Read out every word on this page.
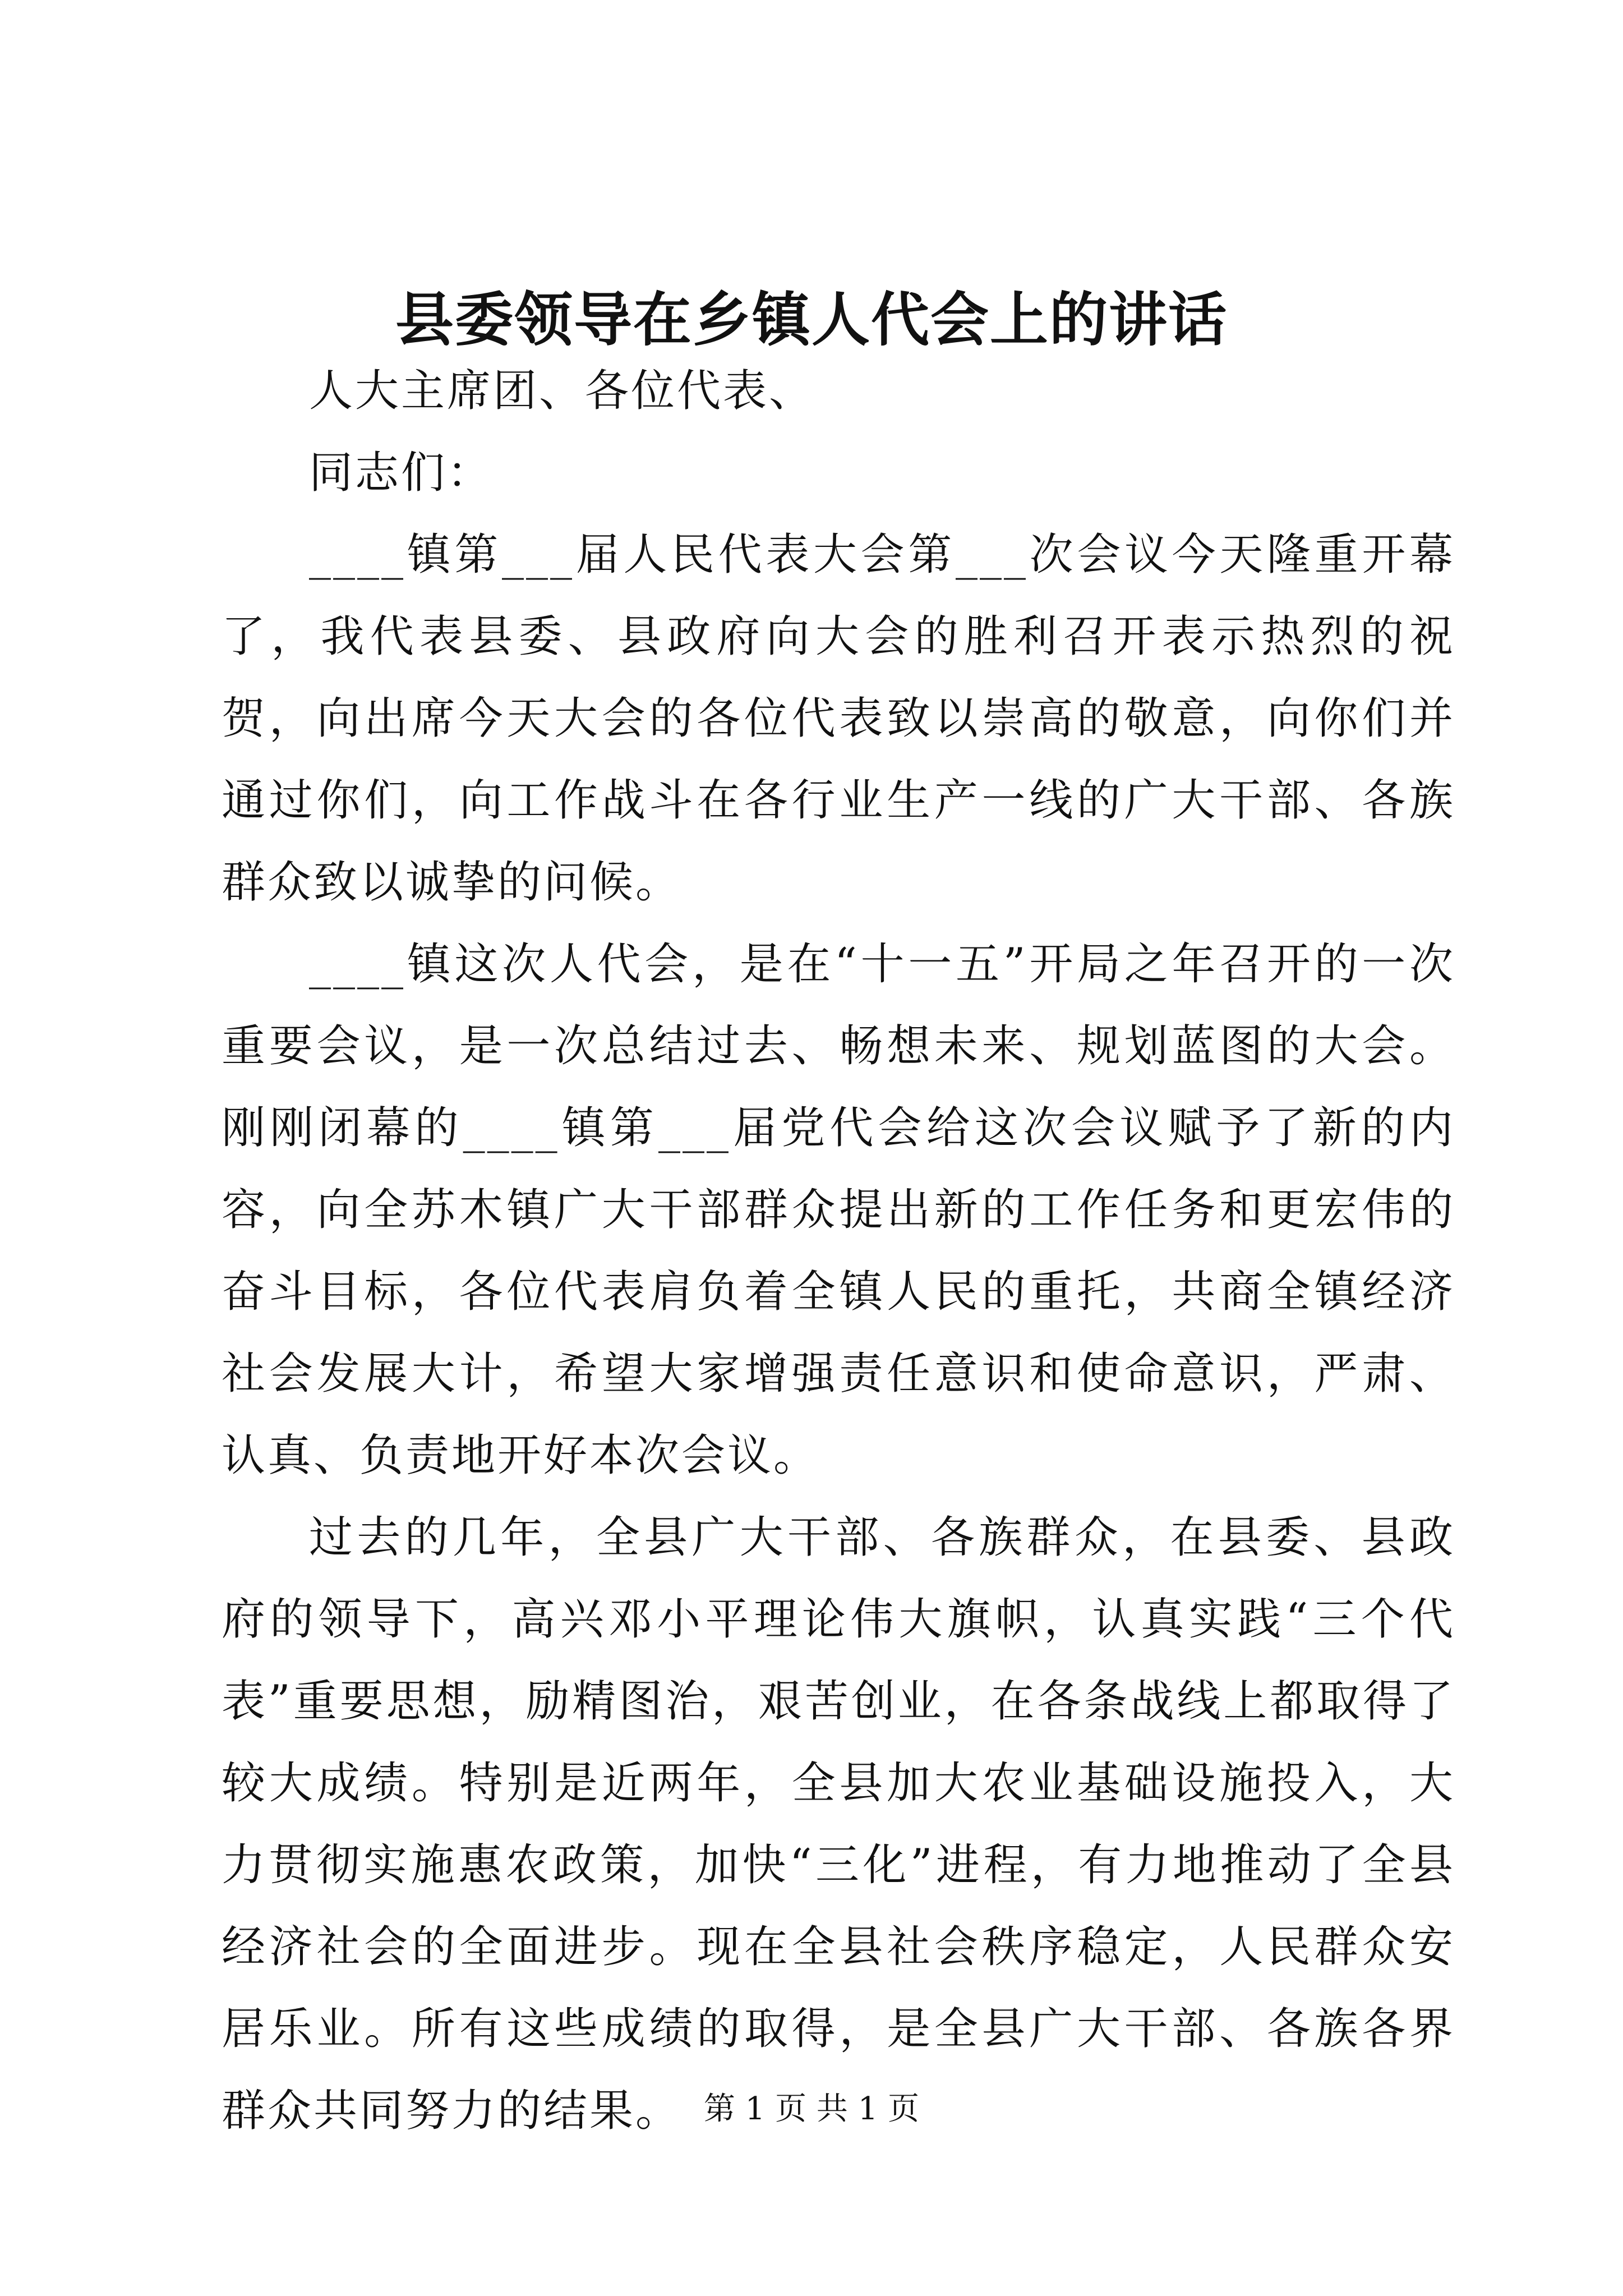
县委领导在乡镇人代会上的讲话

人大主席团、各位代表、

同志们：

____镇第___届人民代表大会第___次会议今天隆重开幕了，我代表县委、县政府向大会的胜利召开表示热烈的祝贺，向出席今天大会的各位代表致以崇高的敬意，向你们并通过你们，向工作战斗在各行业生产一线的广大干部、各族群众致以诚挚的问候。

____镇这次人代会，是在“十一五”开局之年召开的一次重要会议，是一次总结过去、畅想未来、规划蓝图的大会。刚刚闭幕的____镇第___届党代会给这次会议赋予了新的内容，向全苏木镇广大干部群众提出新的工作任务和更宏伟的奋斗目标，各位代表肩负着全镇人民的重托，共商全镇经济社会发展大计，希望大家增强责任意识和使命意识，严肃、认真、负责地开好本次会议。

过去的几年，全县广大干部、各族群众，在县委、县政府的领导下，高兴邓小平理论伟大旗帜，认真实践“三个代表”重要思想，励精图治，艰苦创业，在各条战线上都取得了较大成绩。特别是近两年，全县加大农业基础设施投入，大力贯彻实施惠农政策，加快“三化”进程，有力地推动了全县经济社会的全面进步。现在全县社会秩序稳定，人民群众安居乐业。所有这些成绩的取得，是全县广大干部、各族各界群众共同努力的结果。 第 1 页 共 1 页
